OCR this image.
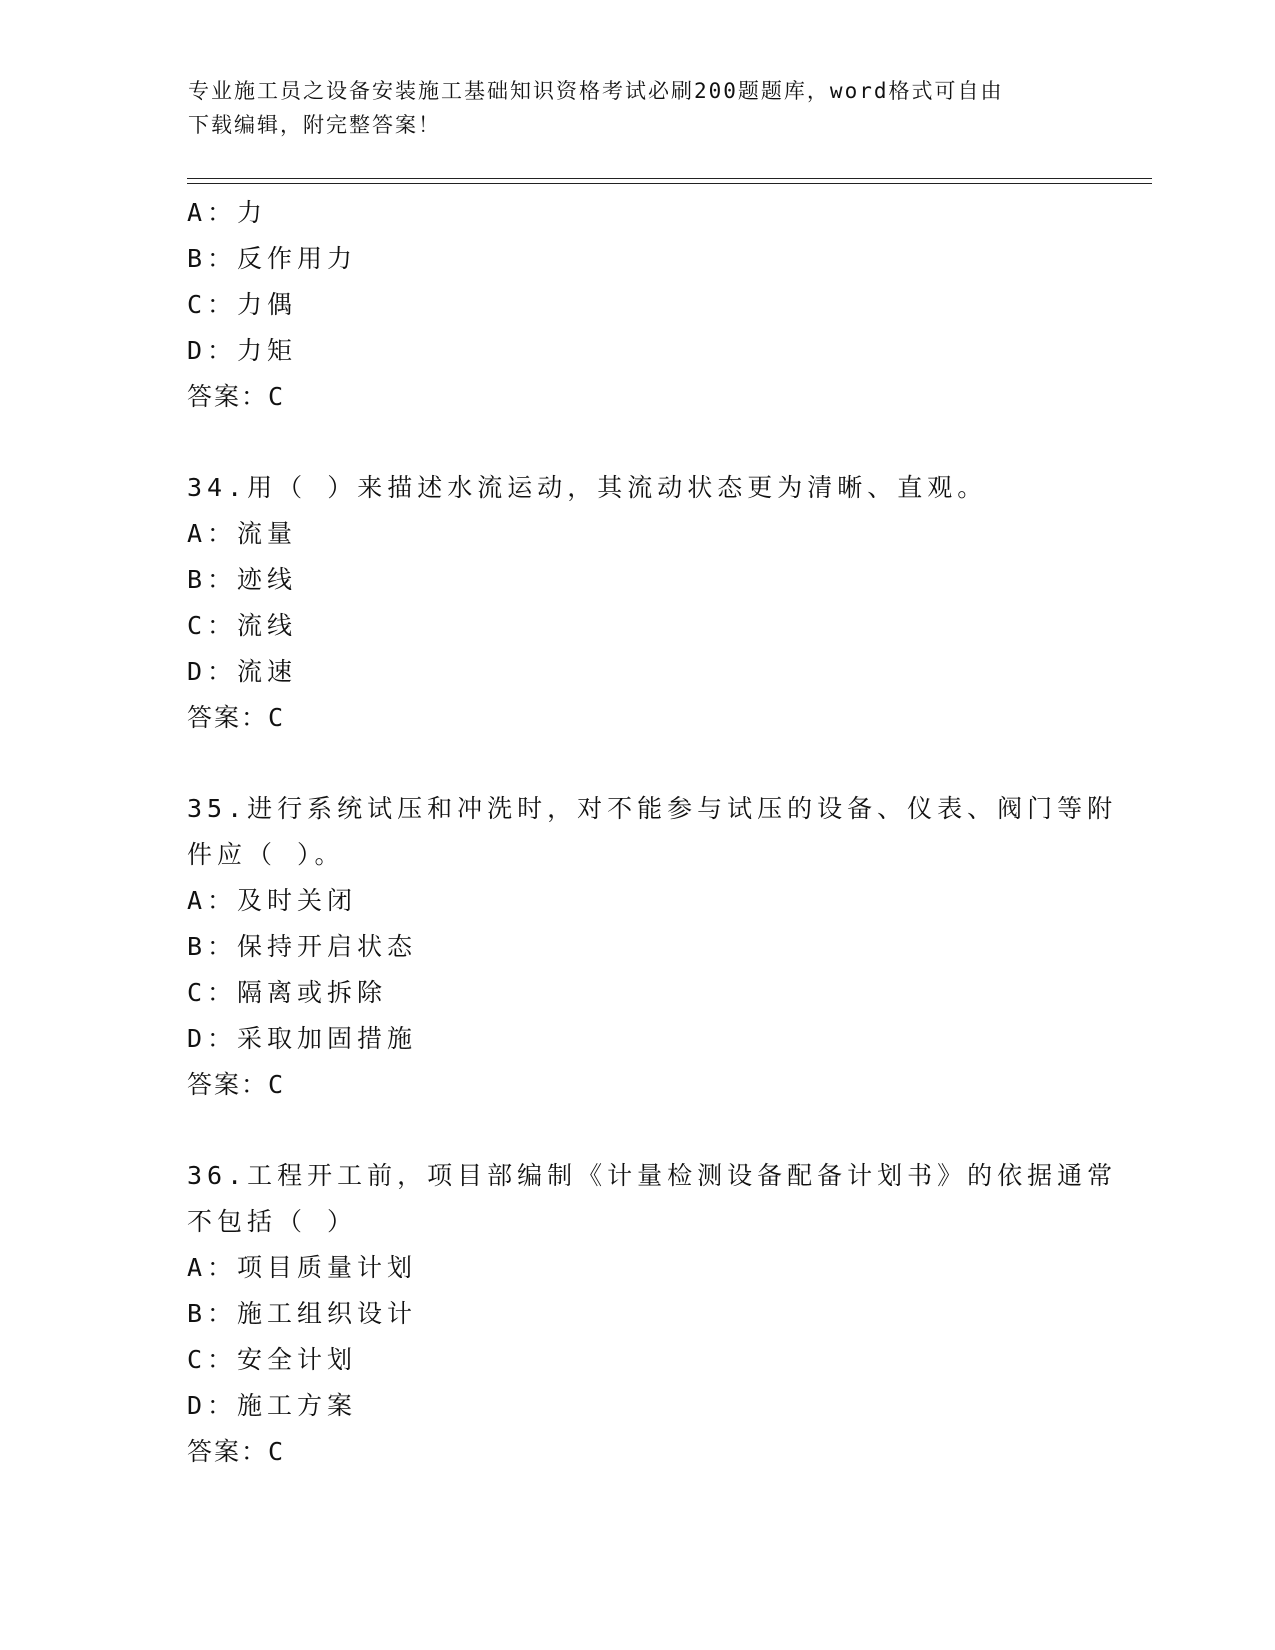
专业施工员之设备安装施工基础知识资格考试必刷200题题库，word格式可自由
下载编辑，附完整答案！
A：力
B：反作用力
C：力偶
D：力矩
答案：C
34.用（ ）来描述水流运动，其流动状态更为清晰、直观。
A：流量
B：迹线
C：流线
D：流速
答案：C
35.进行系统试压和冲洗时，对不能参与试压的设备、仪表、阀门等附
件应（ ）。
A：及时关闭
B：保持开启状态
C：隔离或拆除
D：采取加固措施
答案：C
36.工程开工前，项目部编制《计量检测设备配备计划书》的依据通常
不包括（ ）
A：项目质量计划
B：施工组织设计
C：安全计划
D：施工方案
答案：C
